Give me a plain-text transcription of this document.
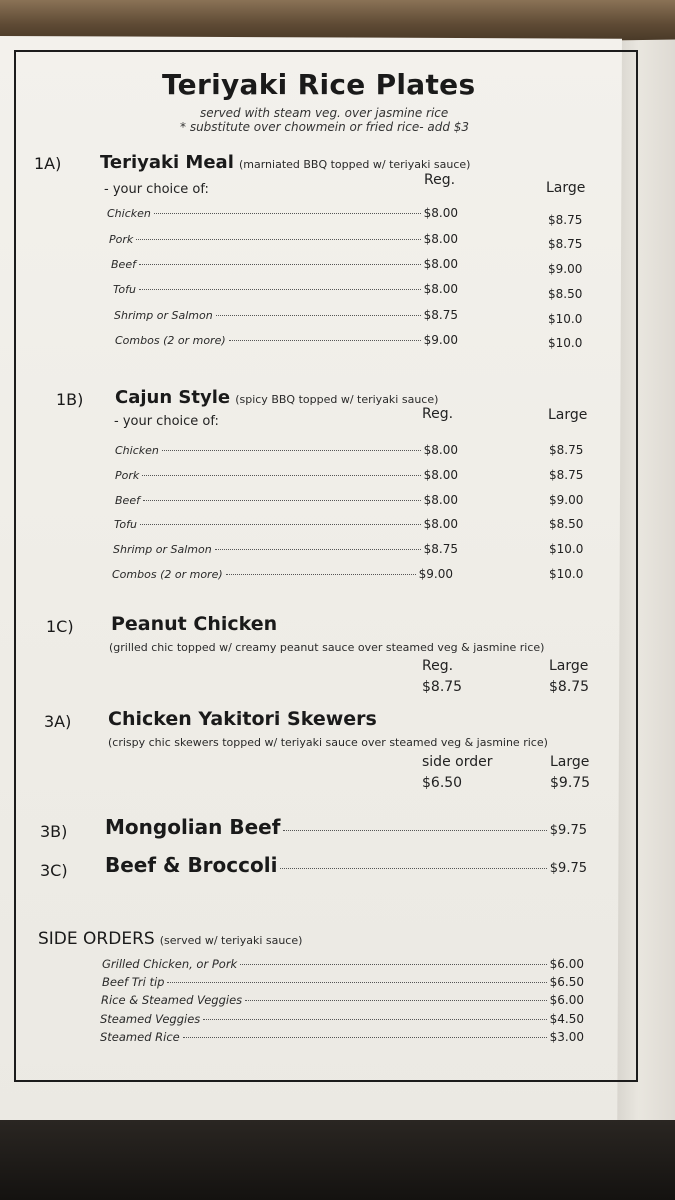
Teriyaki Rice Plates
served with steam veg. over jasmine rice
* substitute over chowmein or fried rice- add $3
1A) Teriyaki Meal (marniated BBQ topped w/ teriyaki sauce)
- your choice of:
Reg.	Large
Chicken	$8.00	$8.75
Pork	$8.00	$8.75
Beef	$8.00	$9.00
Tofu	$8.00	$8.50
Shrimp or Salmon	$8.75	$10.0
Combos (2 or more)	$9.00	$10.0
1B) Cajun Style (spicy BBQ topped w/ teriyaki sauce)
- your choice of:	Reg.	Large
Chicken	$8.00	$8.75
Pork	$8.00	$8.75
Beef	$8.00	$9.00
Tofu	$8.00	$8.50
Shrimp or Salmon	$8.75	$10.0
Combos (2 or more)	$9.00	$10.0
1C) Peanut Chicken
(grilled chic topped w/ creamy peanut sauce over steamed veg & jasmine rice)
Reg.	Large
$8.75	$8.75
3A) Chicken Yakitori Skewers
(crispy chic skewers topped w/ teriyaki sauce over steamed veg & jasmine rice)
side order	Large
$6.50	$9.75
3B) Mongolian Beef	$9.75
3C) Beef & Broccoli	$9.75
SIDE ORDERS (served w/ teriyaki sauce)
Grilled Chicken, or Pork	$6.00
Beef Tri tip	$6.50
Rice & Steamed Veggies	$6.00
Steamed Veggies	$4.50
Steamed Rice	$3.00
